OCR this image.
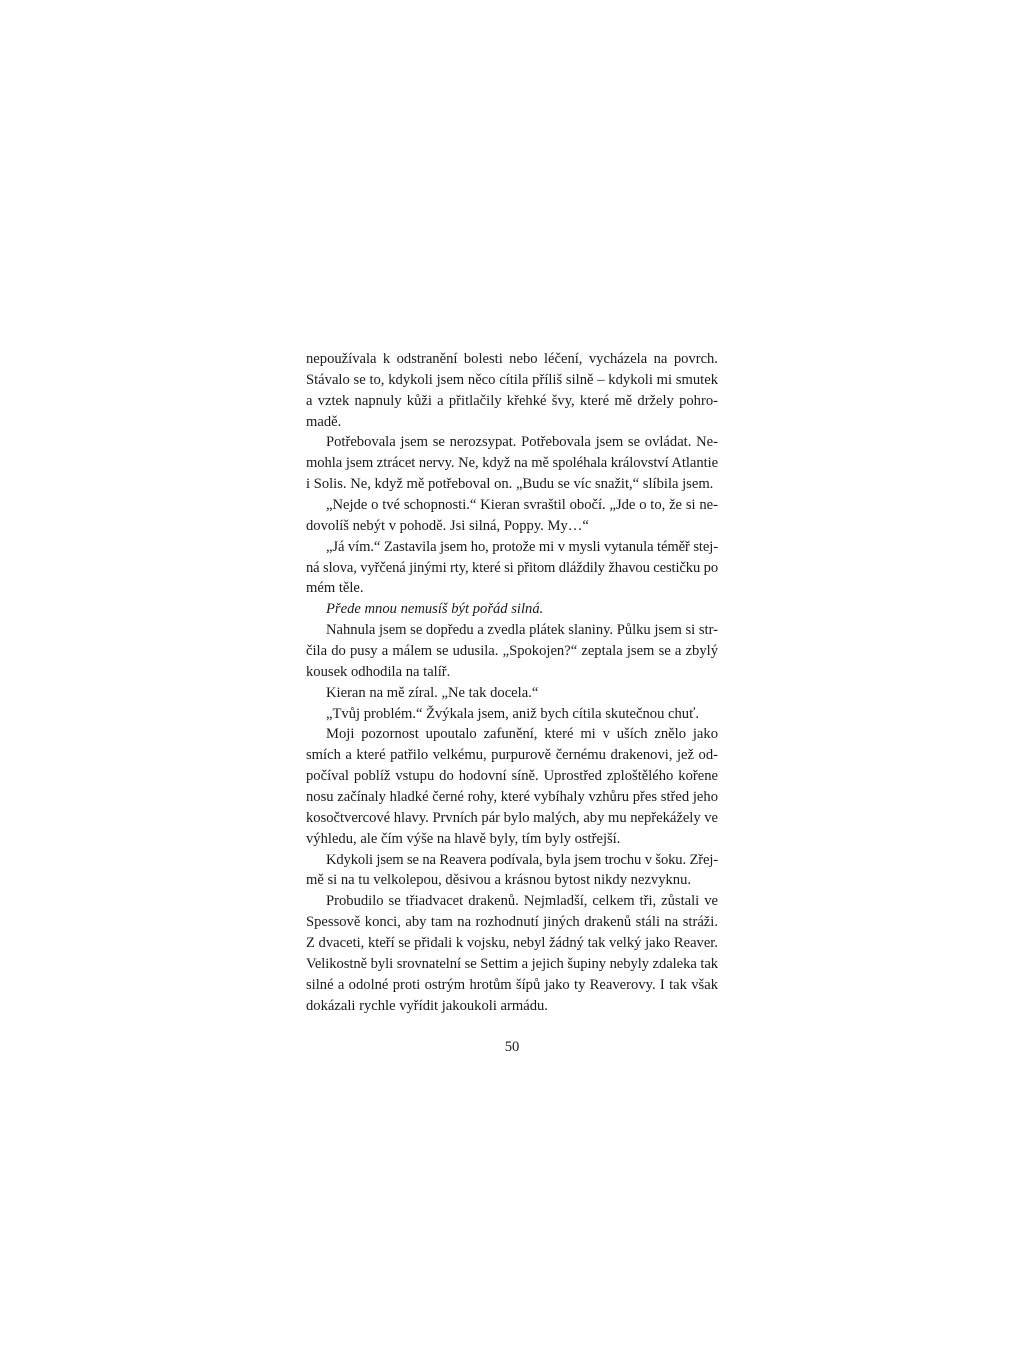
nepoužívala k odstranění bolesti nebo léčení, vycházela na povrch.
Stávalo se to, kdykoli jsem něco cítila příliš silně – kdykoli mi smutek
a vztek napnuly kůži a přitlačily křehké švy, které mě držely pohro-
madě.
Potřebovala jsem se nerozsypat. Potřebovala jsem se ovládat. Ne-
mohla jsem ztrácet nervy. Ne, když na mě spoléhala království Atlantie
i Solis. Ne, když mě potřeboval on. „Budu se víc snažit,“ slíbila jsem.
„Nejde o tvé schopnosti.“ Kieran svraštil obočí. „Jde o to, že si ne-
dovolíš nebýt v pohodě. Jsi silná, Poppy. My…“
„Já vím.“ Zastavila jsem ho, protože mi v mysli vytanula téměř stej-
ná slova, vyřčená jinými rty, které si přitom dláždily žhavou cestičku po
mém těle.
Přede mnou nemusíš být pořád silná.
Nahnula jsem se dopředu a zvedla plátek slaniny. Půlku jsem si str-
čila do pusy a málem se udusila. „Spokojen?“ zeptala jsem se a zbylý
kousek odhodila na talíř.
Kieran na mě zíral. „Ne tak docela.“
„Tvůj problém.“ Žvýkala jsem, aniž bych cítila skutečnou chuť.
Moji pozornost upoutalo zafunění, které mi v uších znělo jako
smích a které patřilo velkému, purpurově černému drakenovi, jež od-
počíval poblíž vstupu do hodovní síně. Uprostřed zploštělého kořene
nosu začínaly hladké černé rohy, které vybíhaly vzhůru přes střed jeho
kosočtvercové hlavy. Prvních pár bylo malých, aby mu nepřekážely ve
výhledu, ale čím výše na hlavě byly, tím byly ostřejší.
Kdykoli jsem se na Reavera podívala, byla jsem trochu v šoku. Zřej-
mě si na tu velkolepou, děsivou a krásnou bytost nikdy nezvyknu.
Probudilo se třiadvacet drakenů. Nejmladší, celkem tři, zůstali ve
Spessově konci, aby tam na rozhodnutí jiných drakenů stáli na stráži.
Z dvaceti, kteří se přidali k vojsku, nebyl žádný tak velký jako Reaver.
Velikostně byli srovnatelní se Settim a jejich šupiny nebyly zdaleka tak
silné a odolné proti ostrým hrotům šípů jako ty Reaverovy. I tak však
dokázali rychle vyřídit jakoukoli armádu.
50
